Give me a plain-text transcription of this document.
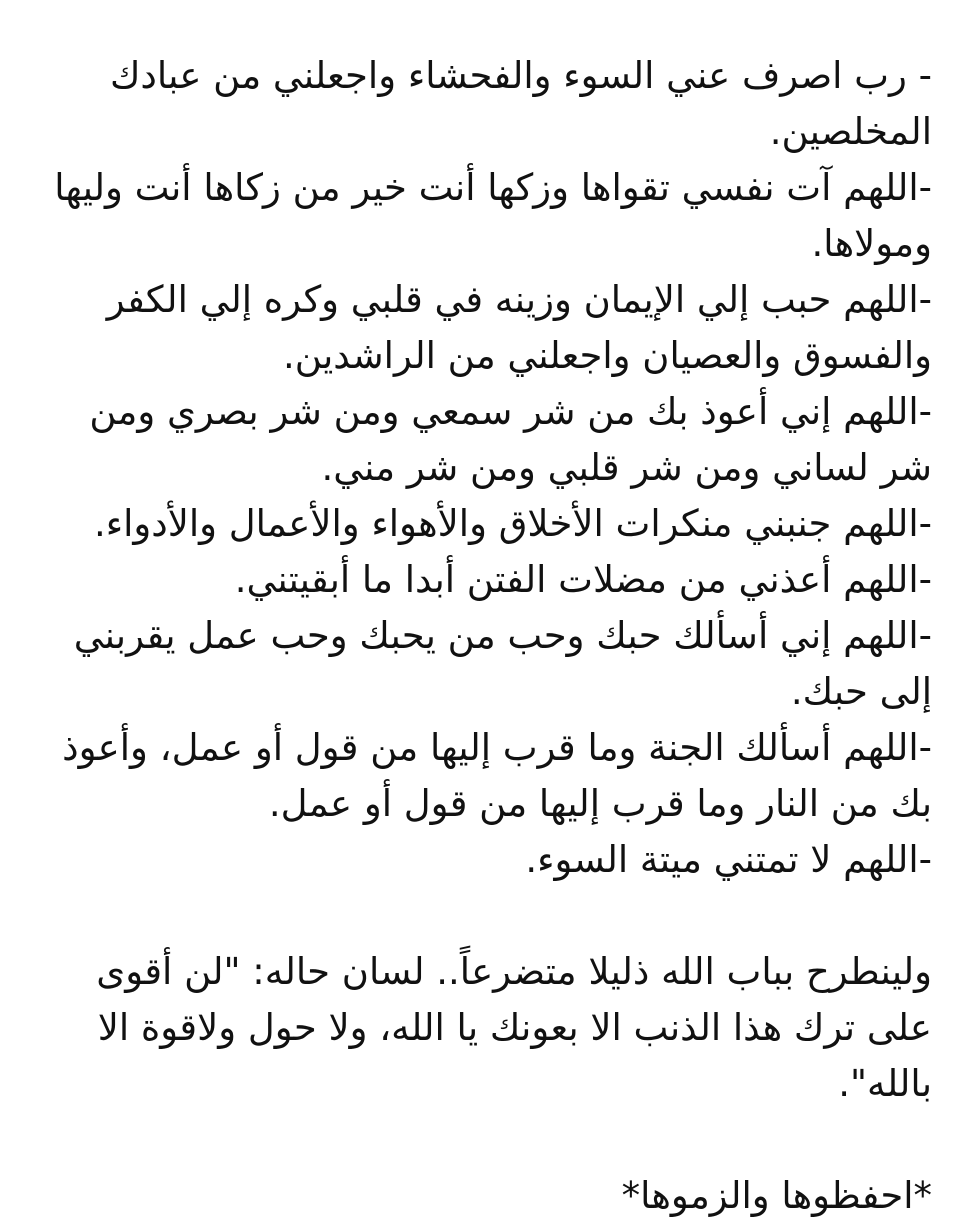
- رب اصرف عني السوء والفحشاء واجعلني من عبادك المخلصين.
-اللهم آت نفسي تقواها وزكها أنت خير من زكاها أنت وليها ومولاها.
-اللهم حبب إلي الإيمان وزينه في قلبي وكره إلي الكفر والفسوق والعصيان واجعلني من الراشدين.
-اللهم إني أعوذ بك من شر سمعي ومن شر بصري ومن شر لساني ومن شر قلبي ومن شر مني.
-اللهم جنبني منكرات الأخلاق والأهواء والأعمال والأدواء.
-اللهم أعذني من مضلات الفتن أبدا ما أبقيتني.
-اللهم إني أسألك حبك وحب من يحبك وحب عمل يقربني إلى حبك.
-اللهم أسألك الجنة وما قرب إليها من قول أو عمل، وأعوذ بك من النار وما قرب إليها من قول أو عمل.
-اللهم لا تمتني ميتة السوء.

ولينطرح بباب الله ذليلا متضرعاً.. لسان حاله: "لن أقوى على ترك هذا الذنب الا بعونك يا الله، ولا حول ولاقوة الا بالله".

*احفظوها والزموها*
